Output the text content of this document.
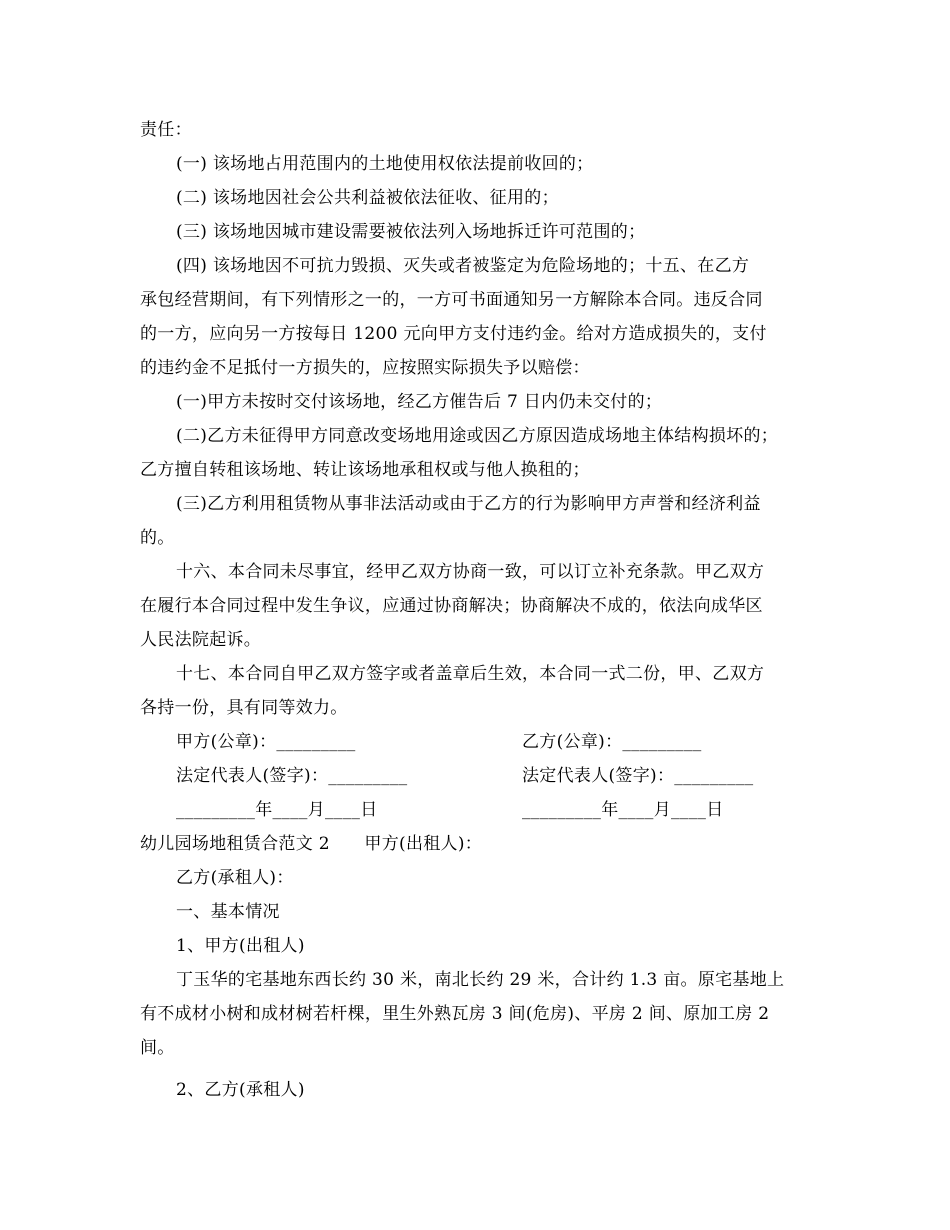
责任：
(一) 该场地占用范围内的土地使用权依法提前收回的；
(二) 该场地因社会公共利益被依法征收、征用的；
(三) 该场地因城市建设需要被依法列入场地拆迁许可范围的；
(四) 该场地因不可抗力毁损、灭失或者被鉴定为危险场地的；十五、在乙方
承包经营期间，有下列情形之一的，一方可书面通知另一方解除本合同。违反合同
的一方，应向另一方按每日 1200 元向甲方支付违约金。给对方造成损失的，支付
的违约金不足抵付一方损失的，应按照实际损失予以赔偿：
(一)甲方未按时交付该场地，经乙方催告后 7 日内仍未交付的；
(二)乙方未征得甲方同意改变场地用途或因乙方原因造成场地主体结构损坏的；
乙方擅自转租该场地、转让该场地承租权或与他人换租的；
(三)乙方利用租赁物从事非法活动或由于乙方的行为影响甲方声誉和经济利益
的。
十六、本合同未尽事宜，经甲乙双方协商一致，可以订立补充条款。甲乙双方
在履行本合同过程中发生争议，应通过协商解决；协商解决不成的，依法向成华区
人民法院起诉。
十七、本合同自甲乙双方签字或者盖章后生效，本合同一式二份，甲、乙双方
各持一份，具有同等效力。
甲方(公章)：_________	乙方(公章)：_________
法定代表人(签字)：_________	法定代表人(签字)：_________
_________年____月____日	_________年____月____日
幼儿园场地租赁合范文 2　　甲方(出租人)：
乙方(承租人)：
一、基本情况
1、甲方(出租人)
丁玉华的宅基地东西长约 30 米，南北长约 29 米，合计约 1.3 亩。原宅基地上
有不成材小树和成材树若杆棵，里生外熟瓦房 3 间(危房)、平房 2 间、原加工房 2
间。
2、乙方(承租人)
